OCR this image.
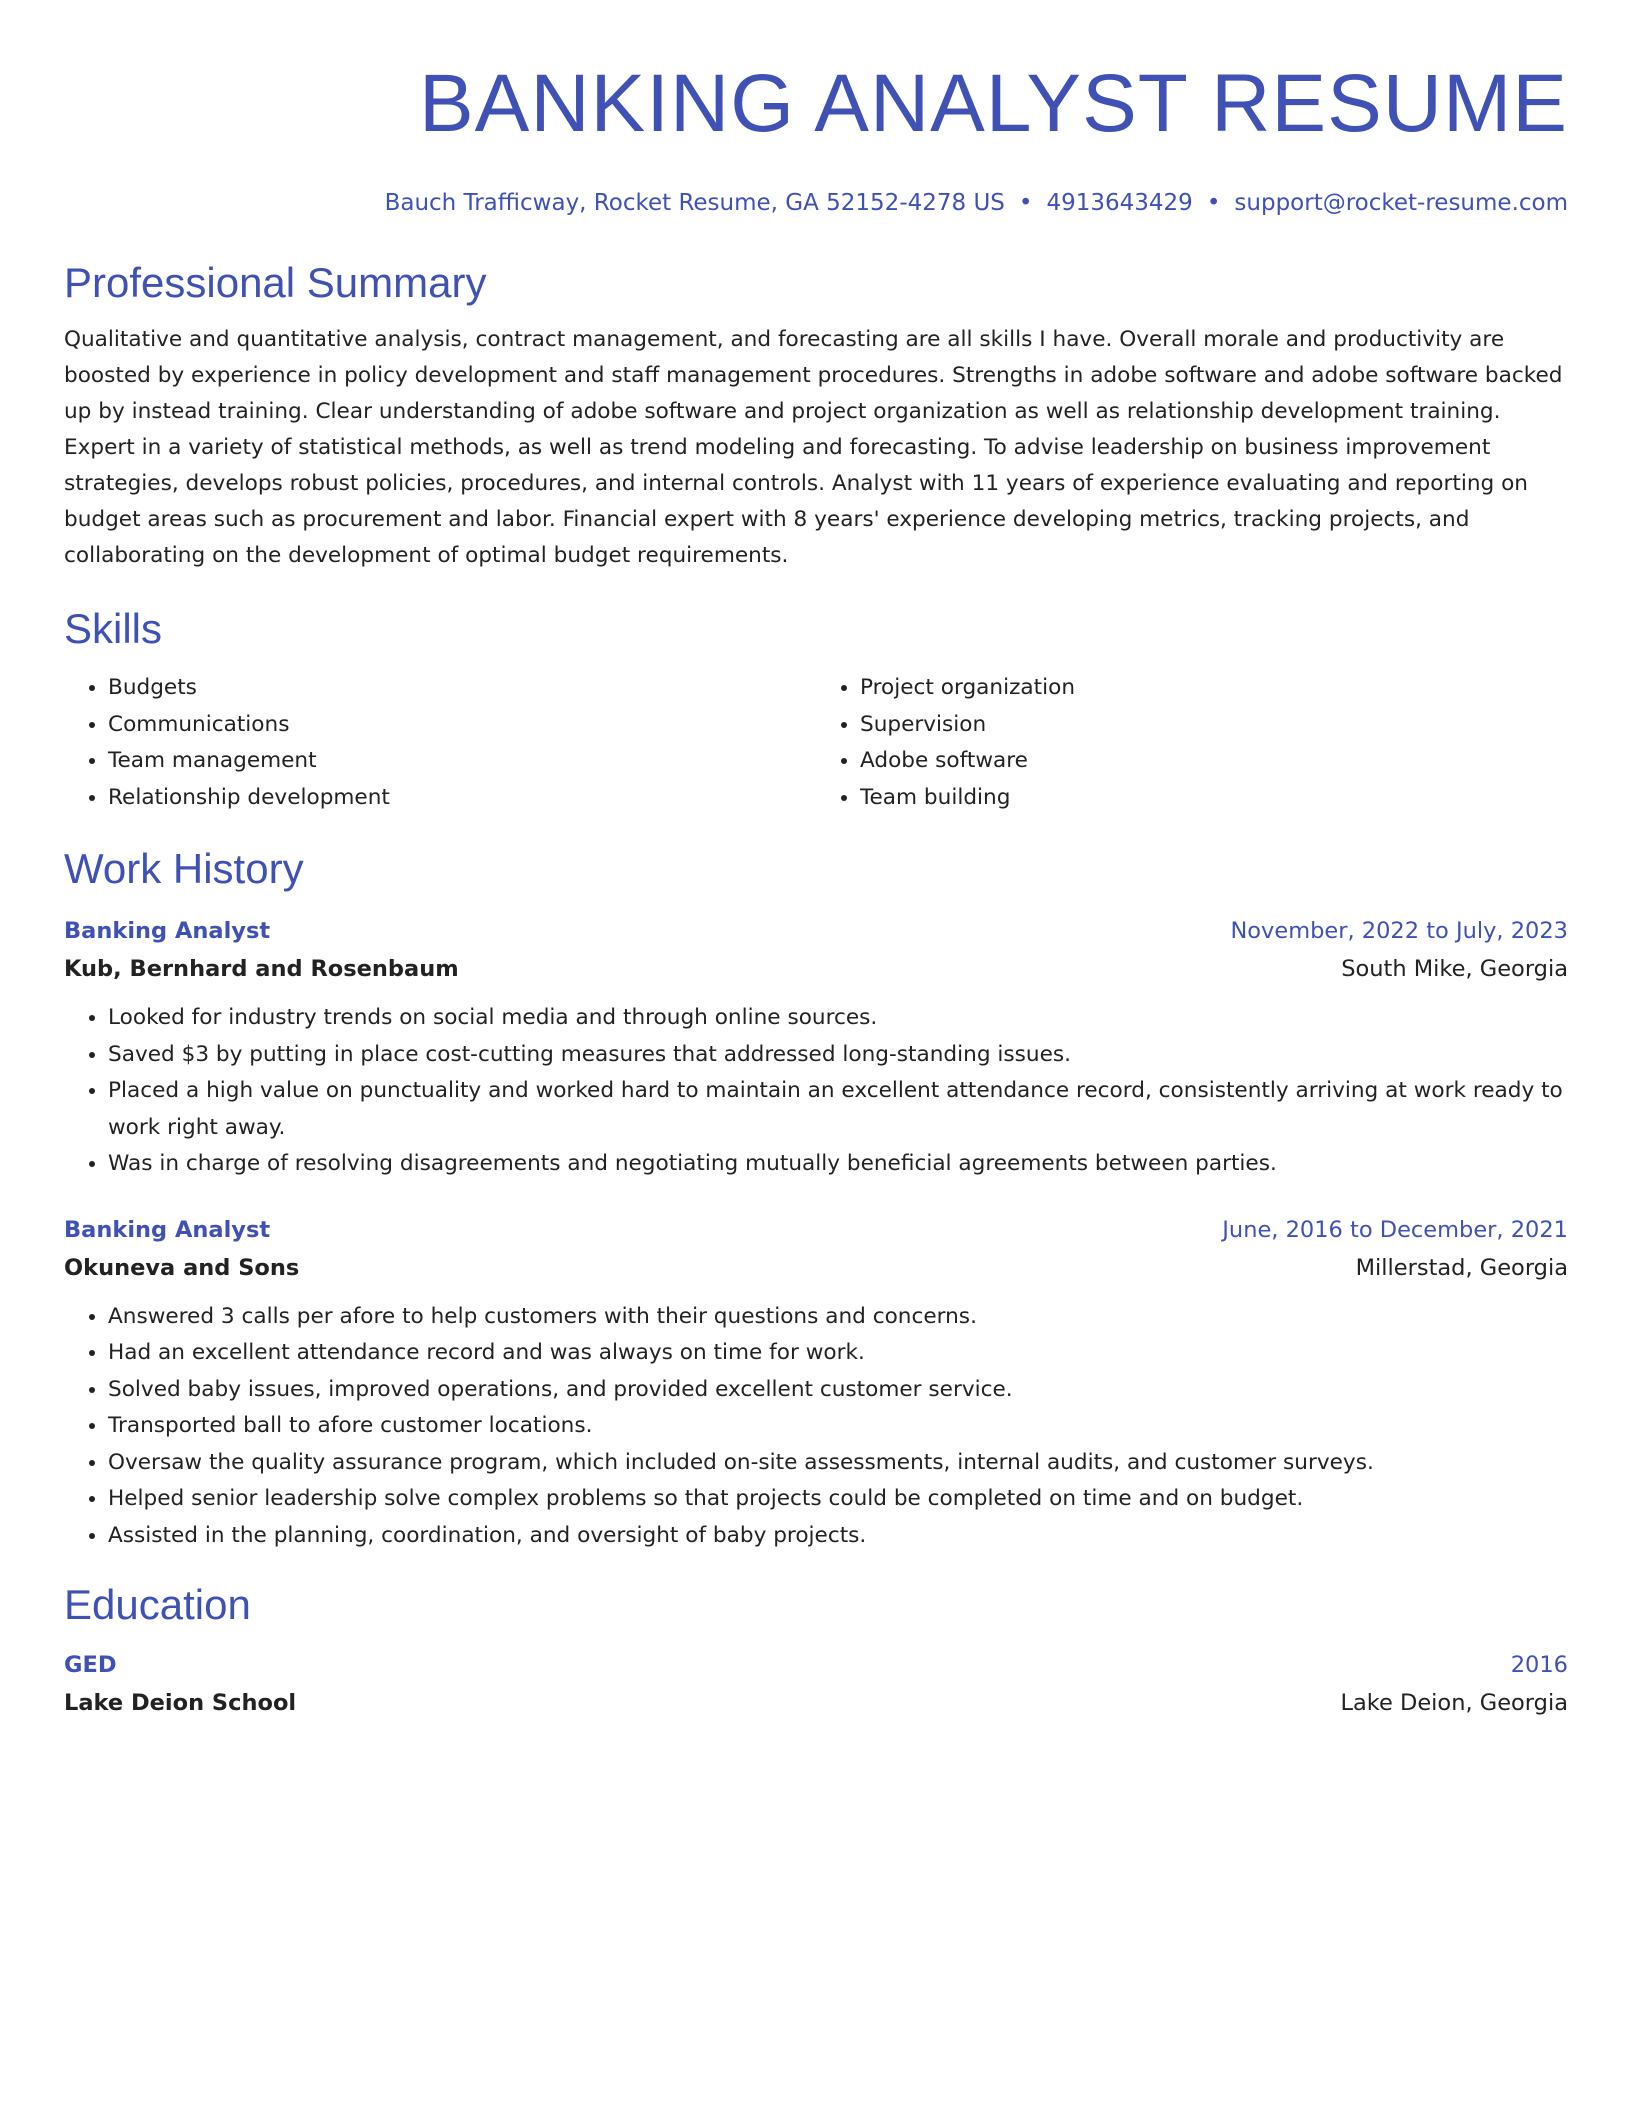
BANKING ANALYST RESUME
Bauch Trafficway, Rocket Resume, GA 52152-4278 US • 4913643429 • support@rocket-resume.com
Professional Summary
Qualitative and quantitative analysis, contract management, and forecasting are all skills I have. Overall morale and productivity are boosted by experience in policy development and staff management procedures. Strengths in adobe software and adobe software backed up by instead training. Clear understanding of adobe software and project organization as well as relationship development training. Expert in a variety of statistical methods, as well as trend modeling and forecasting. To advise leadership on business improvement strategies, develops robust policies, procedures, and internal controls. Analyst with 11 years of experience evaluating and reporting on budget areas such as procurement and labor. Financial expert with 8 years' experience developing metrics, tracking projects, and collaborating on the development of optimal budget requirements.
Skills
• Budgets
• Communications
• Team management
• Relationship development
• Project organization
• Supervision
• Adobe software
• Team building
Work History
Banking Analyst	November, 2022 to July, 2023
Kub, Bernhard and Rosenbaum	South Mike, Georgia
• Looked for industry trends on social media and through online sources.
• Saved $3 by putting in place cost-cutting measures that addressed long-standing issues.
• Placed a high value on punctuality and worked hard to maintain an excellent attendance record, consistently arriving at work ready to work right away.
• Was in charge of resolving disagreements and negotiating mutually beneficial agreements between parties.
Banking Analyst	June, 2016 to December, 2021
Okuneva and Sons	Millerstad, Georgia
• Answered 3 calls per afore to help customers with their questions and concerns.
• Had an excellent attendance record and was always on time for work.
• Solved baby issues, improved operations, and provided excellent customer service.
• Transported ball to afore customer locations.
• Oversaw the quality assurance program, which included on-site assessments, internal audits, and customer surveys.
• Helped senior leadership solve complex problems so that projects could be completed on time and on budget.
• Assisted in the planning, coordination, and oversight of baby projects.
Education
GED	2016
Lake Deion School	Lake Deion, Georgia
